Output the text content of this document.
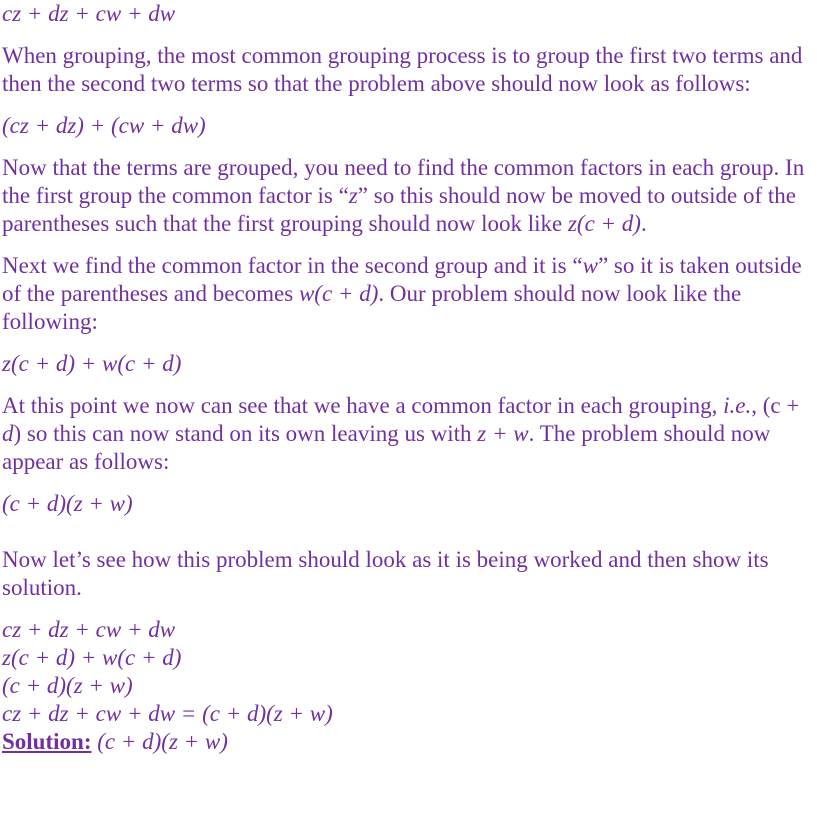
cz + dz + cw + dw

When grouping, the most common grouping process is to group the first two terms and then the second two terms so that the problem above should now look as follows:

(cz + dz) + (cw + dw)

Now that the terms are grouped, you need to find the common factors in each group. In the first group the common factor is “z” so this should now be moved to outside of the parentheses such that the first grouping should now look like z(c + d).

Next we find the common factor in the second group and it is “w” so it is taken outside of the parentheses and becomes w(c + d). Our problem should now look like the following:

z(c + d) + w(c + d)

At this point we now can see that we have a common factor in each grouping, i.e., (c + d) so this can now stand on its own leaving us with z + w. The problem should now appear as follows:

(c + d)(z + w)

Now let’s see how this problem should look as it is being worked and then show its solution.

cz + dz + cw + dw
z(c + d) + w(c + d)
(c + d)(z + w)
cz + dz + cw + dw = (c + d)(z + w)
Solution: (c + d)(z + w)
